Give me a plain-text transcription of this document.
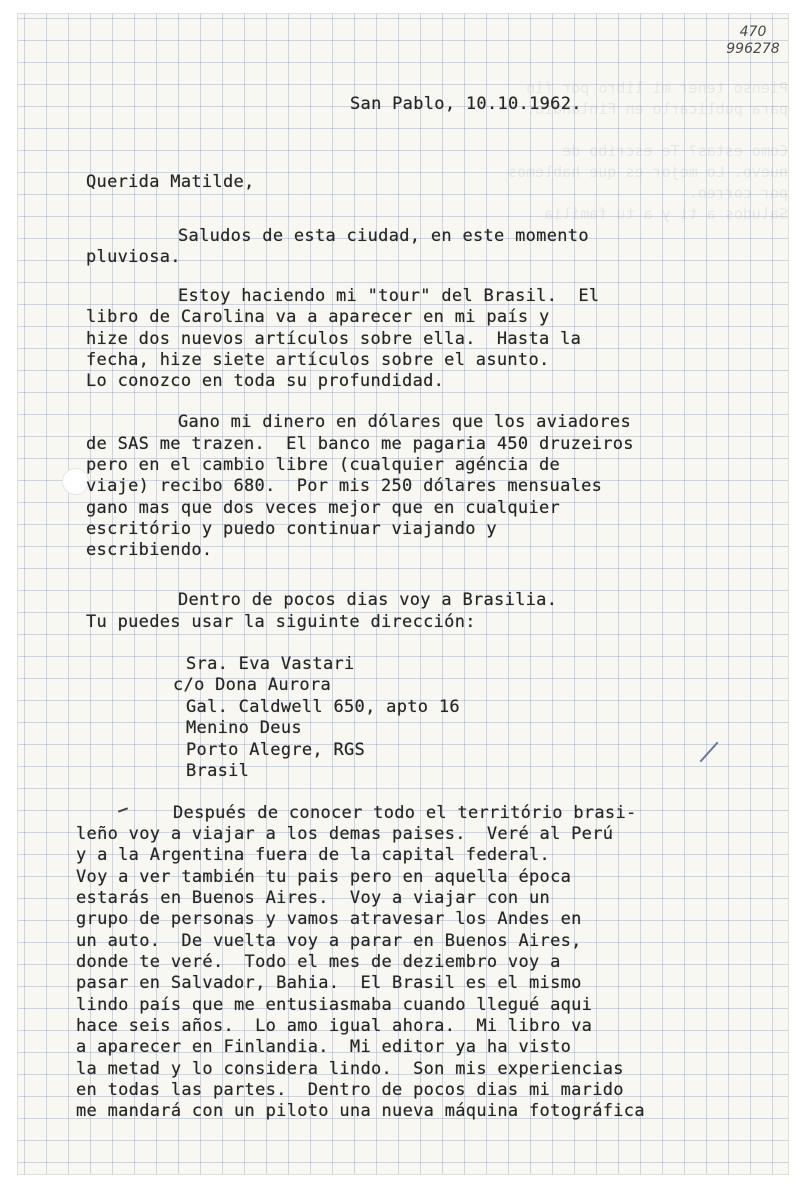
Pienso tener mi libro por fin
para publicarlo en Finlandia.

Como estas? Te escribo de
nuevo. Lo mejor es que hablemos
por correo.
Saludos a ti y a tu familia
470
996278
San Pablo, 10.10.1962.
Querida Matilde,
Saludos de esta ciudad, en este momento
pluviosa.
Estoy haciendo mi "tour" del Brasil.  El
libro de Carolina va a aparecer en mi país y
hize dos nuevos artículos sobre ella.  Hasta la
fecha, hize siete artículos sobre el asunto.
Lo conozco en toda su profundidad.
Gano mi dinero en dólares que los aviadores
de SAS me trazen.  El banco me pagaria 450 druzeiros
pero en el cambio libre (cualquier agéncia de
viaje) recibo 680.  Por mis 250 dólares mensuales
gano mas que dos veces mejor que en cualquier
escritório y puedo continuar viajando y
escribiendo.
Dentro de pocos dias voy a Brasilia.
Tu puedes usar la siguinte dirección:
Sra. Eva Vastari
c/o Dona Aurora
Gal. Caldwell 650, apto 16
Menino Deus
Porto Alegre, RGS
Brasil
Después de conocer todo el território brasi-
leño voy a viajar a los demas paises.  Veré al Perú
y a la Argentina fuera de la capital federal.
Voy a ver también tu pais pero en aquella época
estarás en Buenos Aires.  Voy a viajar con un
grupo de personas y vamos atravesar los Andes en
un auto.  De vuelta voy a parar en Buenos Aires,
donde te veré.  Todo el mes de deziembro voy a
pasar en Salvador, Bahia.  El Brasil es el mismo
lindo país que me entusiasmaba cuando llegué aqui
hace seis años.  Lo amo igual ahora.  Mi libro va
a aparecer en Finlandia.  Mi editor ya ha visto
la metad y lo considera lindo.  Son mis experiencias
en todas las partes.  Dentro de pocos dias mi marido
me mandará con un piloto una nueva máquina fotográfica
